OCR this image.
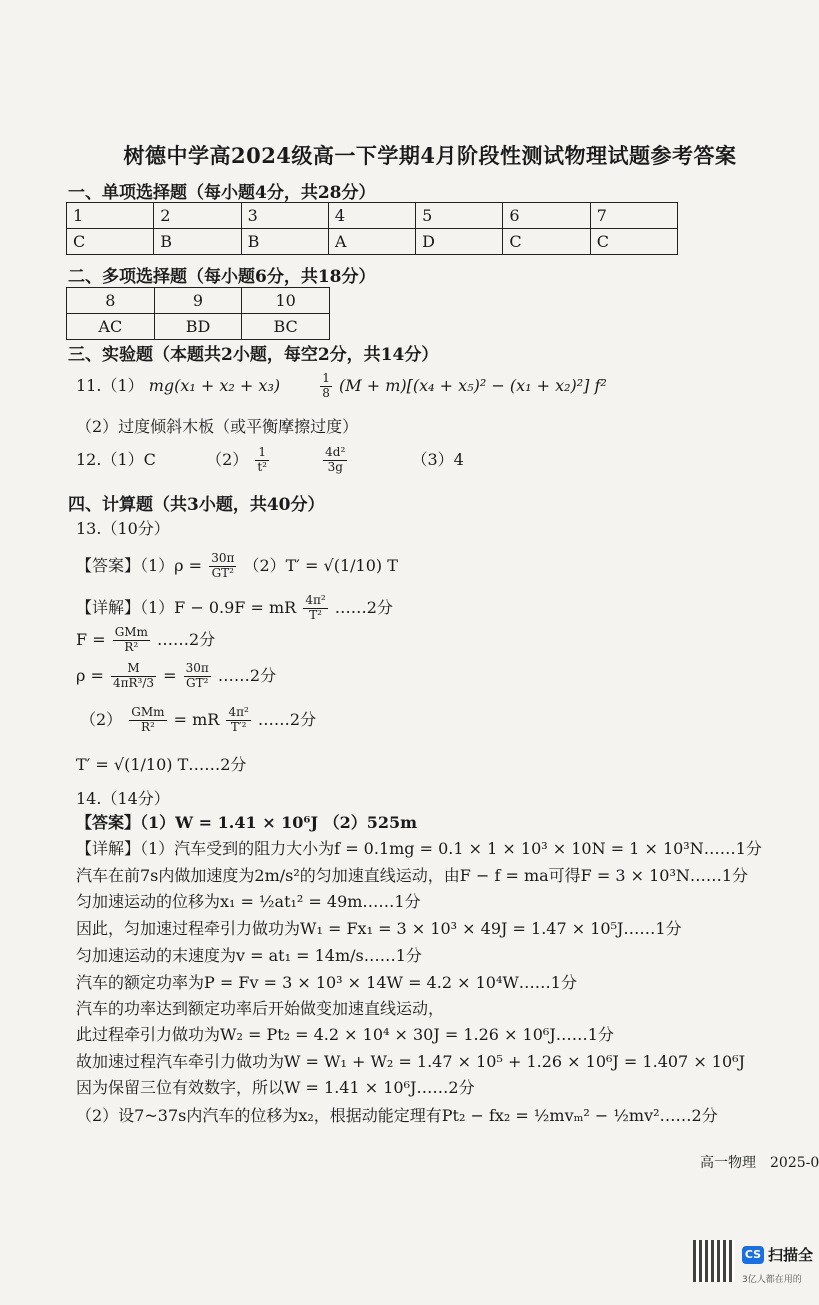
树德中学高2024级高一下学期4月阶段性测试物理试题参考答案
一、单项选择题（每小题4分，共28分）
1	2	3	4	5	6	7
C	B	B	A	D	C	C
二、多项选择题（每小题6分，共18分）
8	9	10
AC	BD	BC
三、实验题（本题共2小题，每空2分，共14分）
11.（1） mg(x₁ + x₂ + x₃)	$\frac{1}{8} (M + m)[(x_4 + x_5)^2 - (x_1 + x_2)^2]$ f²
（2）过度倾斜木板（或平衡摩擦过度）
12.（1）C	$(2) \frac{1}{\text{t²}}$
	$\frac{\text{4d²}}{3g}$	（3）4
四、计算题（共3小题，共40分）
13.（10分）
【答案】$(1)\rho = \frac{30\pi}{\text{GT²}} (2)T' = √(1/10)$ T
【详解】（1）F − 0.9F = mR $\frac{\text{4π²}}{\text{T²}}$ ……2分
$F = \frac{\text{GMm}}{\text{R²}}$ ……2分
$\rho = \frac{M}{\text{4πR³/3}} = \frac{30\pi}{\text{GT²}}$ ……2分
$(2) \frac{\text{GMm}}{\text{R²}}$ = mR $\frac{\text{4π²}}{\text{T′²}}$ ……2分
T′ = √(1/10) T……2分
14.（14分）
【答案】（1）W = 1.41 × 10⁶J （2）525m
【详解】（1）汽车受到的阻力大小为f = 0.1mg = 0.1 × 1 × 10³ × 10N = 1 × 10³N……1分
汽车在前7s内做加速度为2m/s²的匀加速直线运动，由F − f = ma可得F = 3 × 10³N……1分
匀加速运动的位移为x₁ = ½at₁² = 49m……1分
因此，匀加速过程牵引力做功为W₁ = Fx₁ = 3 × 10³ × 49J = 1.47 × 10⁵J……1分
匀加速运动的末速度为v = at₁ = 14m/s……1分
汽车的额定功率为P = Fv = 3 × 10³ × 14W = 4.2 × 10⁴W……1分
汽车的功率达到额定功率后开始做变加速直线运动，
此过程牵引力做功为W₂ = Pt₂ = 4.2 × 10⁴ × 30J = 1.26 × 10⁶J……1分
故加速过程汽车牵引力做功为W = W₁ + W₂ = 1.47 × 10⁵ + 1.26 × 10⁶J = 1.407 × 10⁶J
因为保留三位有效数字，所以W = 1.41 × 10⁶J……2分
（2）设7~37s内汽车的位移为x₂，根据动能定理有Pt₂ − fx₂ = ½mvₘ² − ½mv²……2分
高一物理　2025-0
CS 扫描全
3亿人都在用的
